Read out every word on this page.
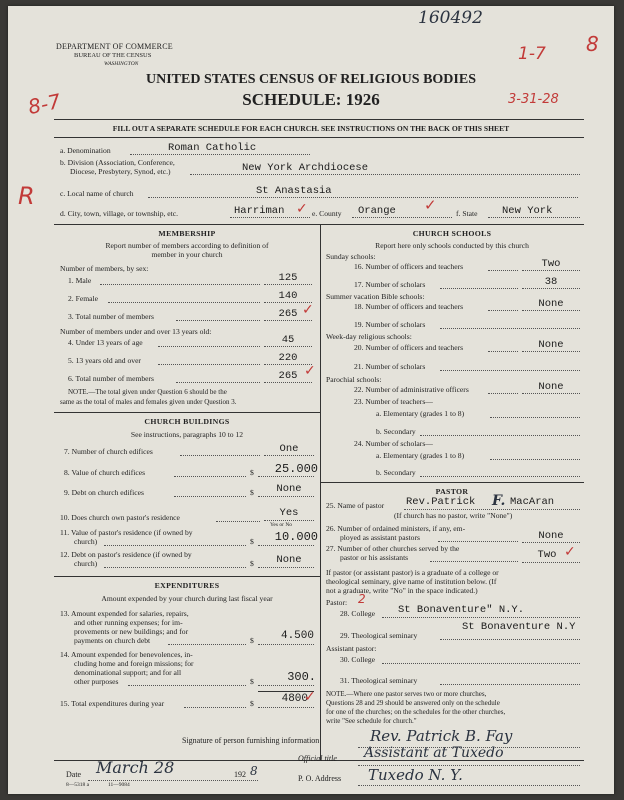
160492
1-7 8
3-31-28
8-7
R
DEPARTMENT OF COMMERCE
BUREAU OF THE CENSUS
WASHINGTON
UNITED STATES CENSUS OF RELIGIOUS BODIES
SCHEDULE: 1926
FILL OUT A SEPARATE SCHEDULE FOR EACH CHURCH. SEE INSTRUCTIONS ON THE BACK OF THIS SHEET
a. Denomination	Roman Catholic
b. Division (Association, Conference,
Diocese, Presbytery, Synod, etc.)	New York Archdiocese
c. Local name of church	St Anastasia
d. City, town, village, or township, etc.	Harriman ✓ e. County Orange ✓	f. State New York
MEMBERSHIP
Report number of members according to definition of
member in your church
Number of members, by sex:
1. Male	125
2. Female	140
3. Total number of members	265 ✓
Number of members under and over 13 years old:
4. Under 13 years of age	45
5. 13 years old and over	220
6. Total number of members	265 ✓
NOTE.—The total given under Question 6 should be the
same as the total of males and females given under Question 3.
CHURCH BUILDINGS
See instructions, paragraphs 10 to 12
7. Number of church edifices	One
8. Value of church edifices	$	25.000
9. Debt on church edifices	$	None
10. Does church own pastor's residence	Yes
Yes or No
11. Value of pastor's residence (if owned by
church)	$	10.000
12. Debt on pastor's residence (if owned by
church)	$	None
EXPENDITURES
Amount expended by your church during last fiscal year
13. Amount expended for salaries, repairs,
and other running expenses; for im-
provements or new buildings; and for
payments on church debt	$	4.500
14. Amount expended for benevolences, in-
cluding home and foreign missions; for
denominational support; and for all
other purposes	$	300.
15. Total expenditures during year	$	4800
✓
CHURCH SCHOOLS
Report here only schools conducted by this church
Sunday schools:
16. Number of officers and teachers	Two
17. Number of scholars	38
Summer vacation Bible schools:
18. Number of officers and teachers	None
19. Number of scholars
Week-day religious schools:
20. Number of officers and teachers	None
21. Number of scholars
Parochial schools:
22. Number of administrative officers	None
23. Number of teachers—
a. Elementary (grades 1 to 8)
b. Secondary
24. Number of scholars—
a. Elementary (grades 1 to 8)
b. Secondary
PASTOR
25. Name of pastor Rev.Patrick F. MacAran
(If church has no pastor, write "None")
26. Number of ordained ministers, if any, em-
ployed as assistant pastors	None
27. Number of other churches served by the
pastor or his assistants	Two ✓
If pastor (or assistant pastor) is a graduate of a college or
theological seminary, give name of institution below. (If
not a graduate, write "No" in the space indicated.)
Pastor: 2
28. College St Bonaventure" N.Y.
29. Theological seminary
St Bonaventure N.Y
Assistant pastor:
30. College
31. Theological seminary
NOTE.—Where one pastor serves two or more churches,
Questions 28 and 29 should be answered only on the schedule
for one of the churches; on the schedules for the other churches,
write "See schedule for church."
Signature of person furnishing information	Rev. Patrick B. Fay
Official title Assistant at Tuxedo
Date March 28	192 8
P. O. Address Tuxedo N. Y.
8—5318 a	11—9084
